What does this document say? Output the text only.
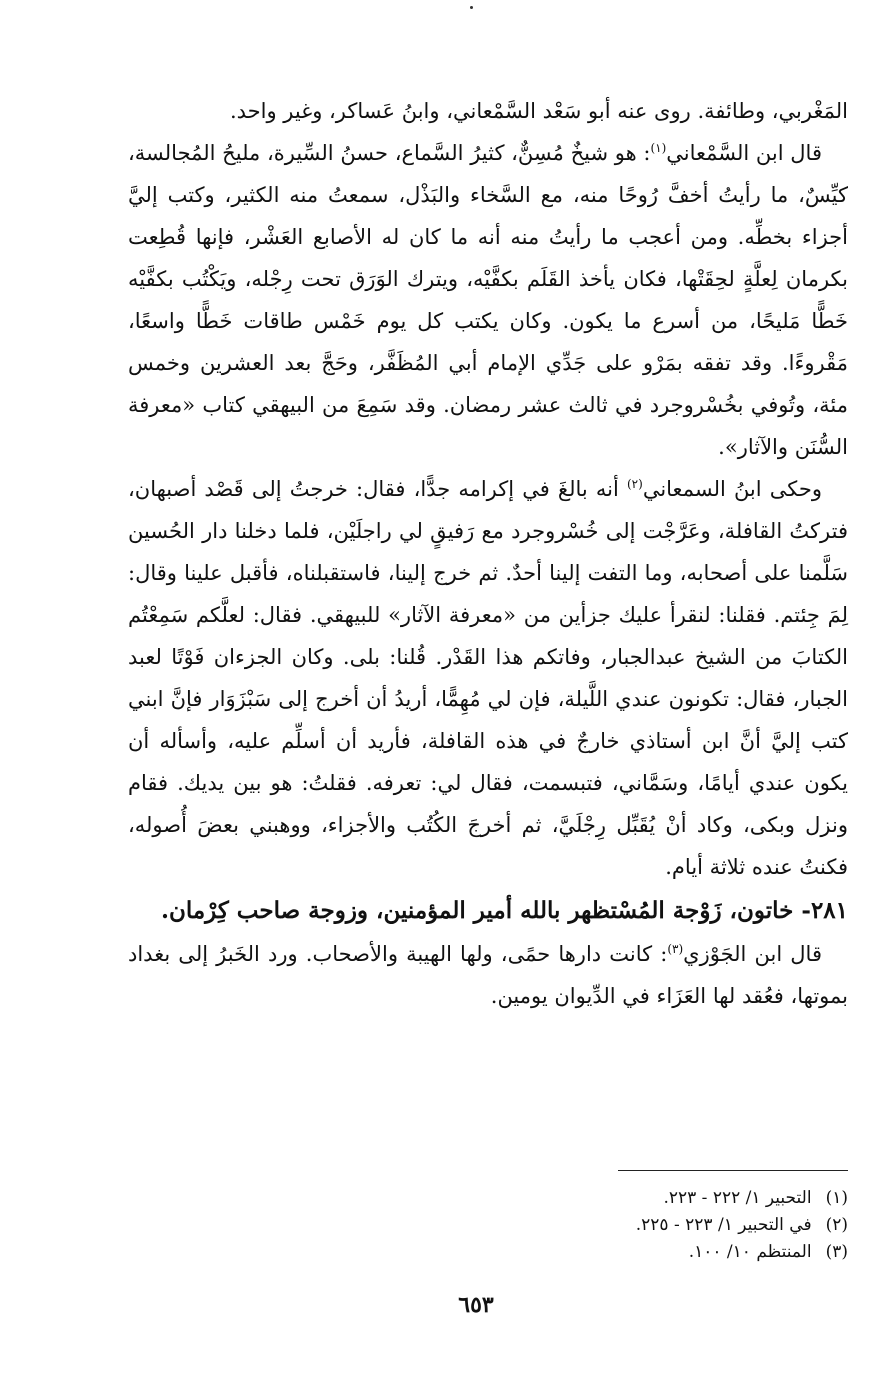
المَغْربي، وطائفة. روى عنه أبو سَعْد السَّمْعاني، وابنُ عَساكر، وغير واحد.

قال ابن السَّمْعاني$^{(١)}$: هو شيخٌ مُسِنٌّ، كثيرُ السَّماع، حسنُ السِّيرة، مليحُ المُجالسة، كيِّسٌ، ما رأيتُ أخفَّ رُوحًا منه، مع السَّخاء والبَذْل، سمعتُ منه الكثير، وكتب إليَّ أجزاء بخطِّه. ومن أعجب ما رأيتُ منه أنه ما كان له الأصابع العَشْر، فإنها قُطِعت بكرمان لِعلَّةٍ لحِقَتْها، فكان يأخذ القَلَم بكفَّيْه، ويترك الوَرَق تحت رِجْله، ويَكْتُب بكفَّيْه خَطًّا مَليحًا، من أسرع ما يكون. وكان يكتب كل يوم خَمْس طاقات خَطًّا واسعًا، مَقْروءًا. وقد تفقه بمَرْو على جَدِّي الإمام أبي المُظَفَّر، وحَجَّ بعد العشرين وخمس مئة، وتُوفي بخُسْروجرد في ثالث عشر رمضان. وقد سَمِعَ من البيهقي كتاب «معرفة السُّنَن والآثار».

وحكى ابنُ السمعاني$^{(٢)}$ أنه بالغَ في إكرامه جدًّا، فقال: خرجتُ إلى قَصْد أصبهان، فتركتُ القافلة، وعَرَّجْت إلى خُسْروجرد مع رَفيقٍ لي راجلَيْن، فلما دخلنا دار الحُسين سَلَّمنا على أصحابه، وما التفت إلينا أحدٌ. ثم خرج إلينا، فاستقبلناه، فأقبل علينا وقال: لِمَ جِئتم. فقلنا: لنقرأ عليك جزأين من «معرفة الآثار» للبيهقي. فقال: لعلَّكم سَمِعْتُم الكتابَ من الشيخ عبدالجبار، وفاتكم هذا القَدْر. قُلنا: بلى. وكان الجزءان فَوْتًا لعبد الجبار، فقال: تكونون عندي اللَّيلة، فإن لي مُهِمًّا، أريدُ أن أخرج إلى سَبْزَوَار فإنَّ ابني كتب إليَّ أنَّ ابن أستاذي خارجٌ في هذه القافلة، فأريد أن أسلِّم عليه، وأسأله أن يكون عندي أيامًا، وسَمَّاني، فتبسمت، فقال لي: تعرفه. فقلتُ: هو بين يديك. فقام ونزل وبكى، وكاد أنْ يُقَبِّل رِجْلَيَّ، ثم أخرجَ الكُتُب والأجزاء، ووهبني بعضَ أُصوله، فكنتُ عنده ثلاثة أيام.

٢٨١- خاتون، زَوْجة المُسْتظهر بالله أمير المؤمنين، وزوجة صاحب كِرْمان.

قال ابن الجَوْزي$^{(٣)}$: كانت دارها حمًى، ولها الهيبة والأصحاب. ورد الخَبرُ إلى بغداد بموتها، فعُقد لها العَزَاء في الدِّيوان يومين.

(١)التحبير ١/ ٢٢٢ - ٢٢٣.

(٢)في التحبير ١/ ٢٢٣ - ٢٢٥.

(٣)المنتظم ١٠/ ١٠٠.

٦٥٣
